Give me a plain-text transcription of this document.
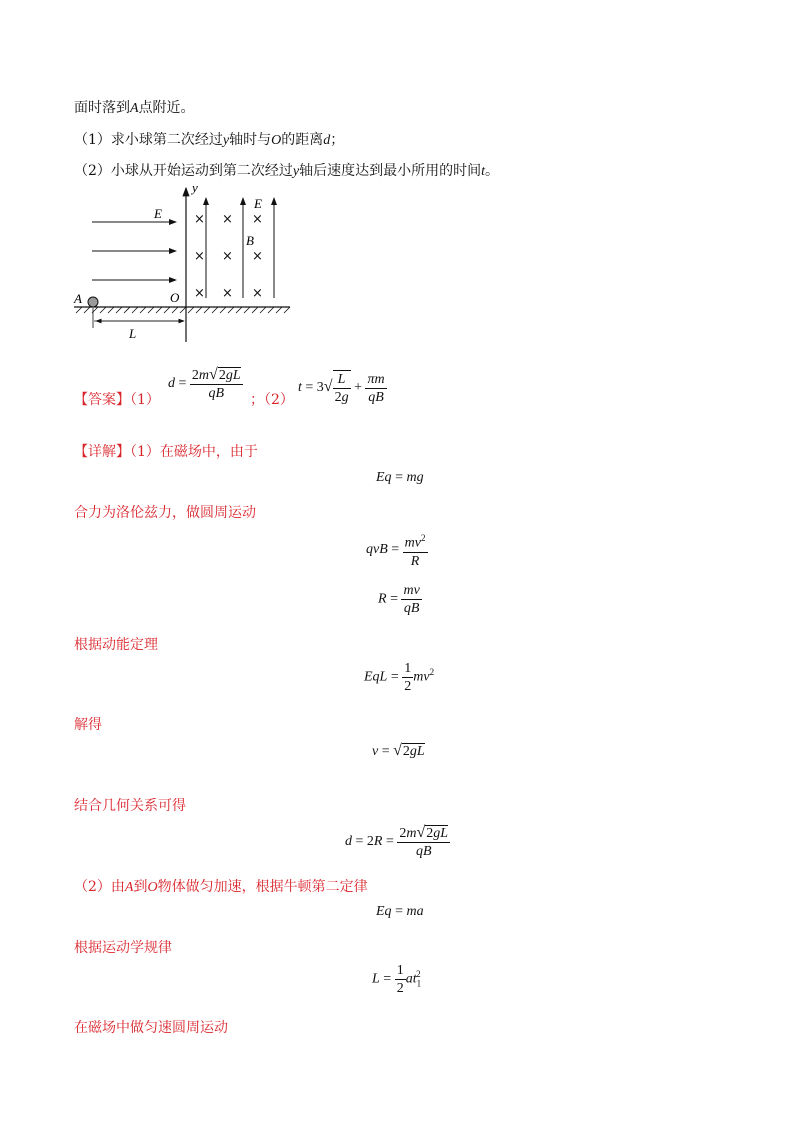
面时落到A点附近。
（1）求小球第二次经过y轴时与O的距离d；
（2）小球从开始运动到第二次经过y轴后速度达到最小所用的时间t。
y
E
E
B
× × ×
× × ×
× × ×
A	O
L
【答案】（1）
$d = \frac{2m√2gL}{qB}$ ；（2）
$t = 3√ \frac{L}{2g} + \frac{\pi m}{qB}$
【详解】（1）在磁场中，由于
Eq = mg
合力为洛伦兹力，做圆周运动
qvB = $\frac{mv^2}{R}$
$R = \frac{mv}{qB}$
根据动能定理
EqL = $\frac{1}{2} mv^2$
解得
v = √2gL
结合几何关系可得
$d = 2R = \frac{2m√2gL}{qB}$
（2）由A到O物体做匀加速，根据牛顿第二定律
Eq = ma
根据运动学规律
$L = \frac{1}{2} at_1^2$
在磁场中做匀速圆周运动
